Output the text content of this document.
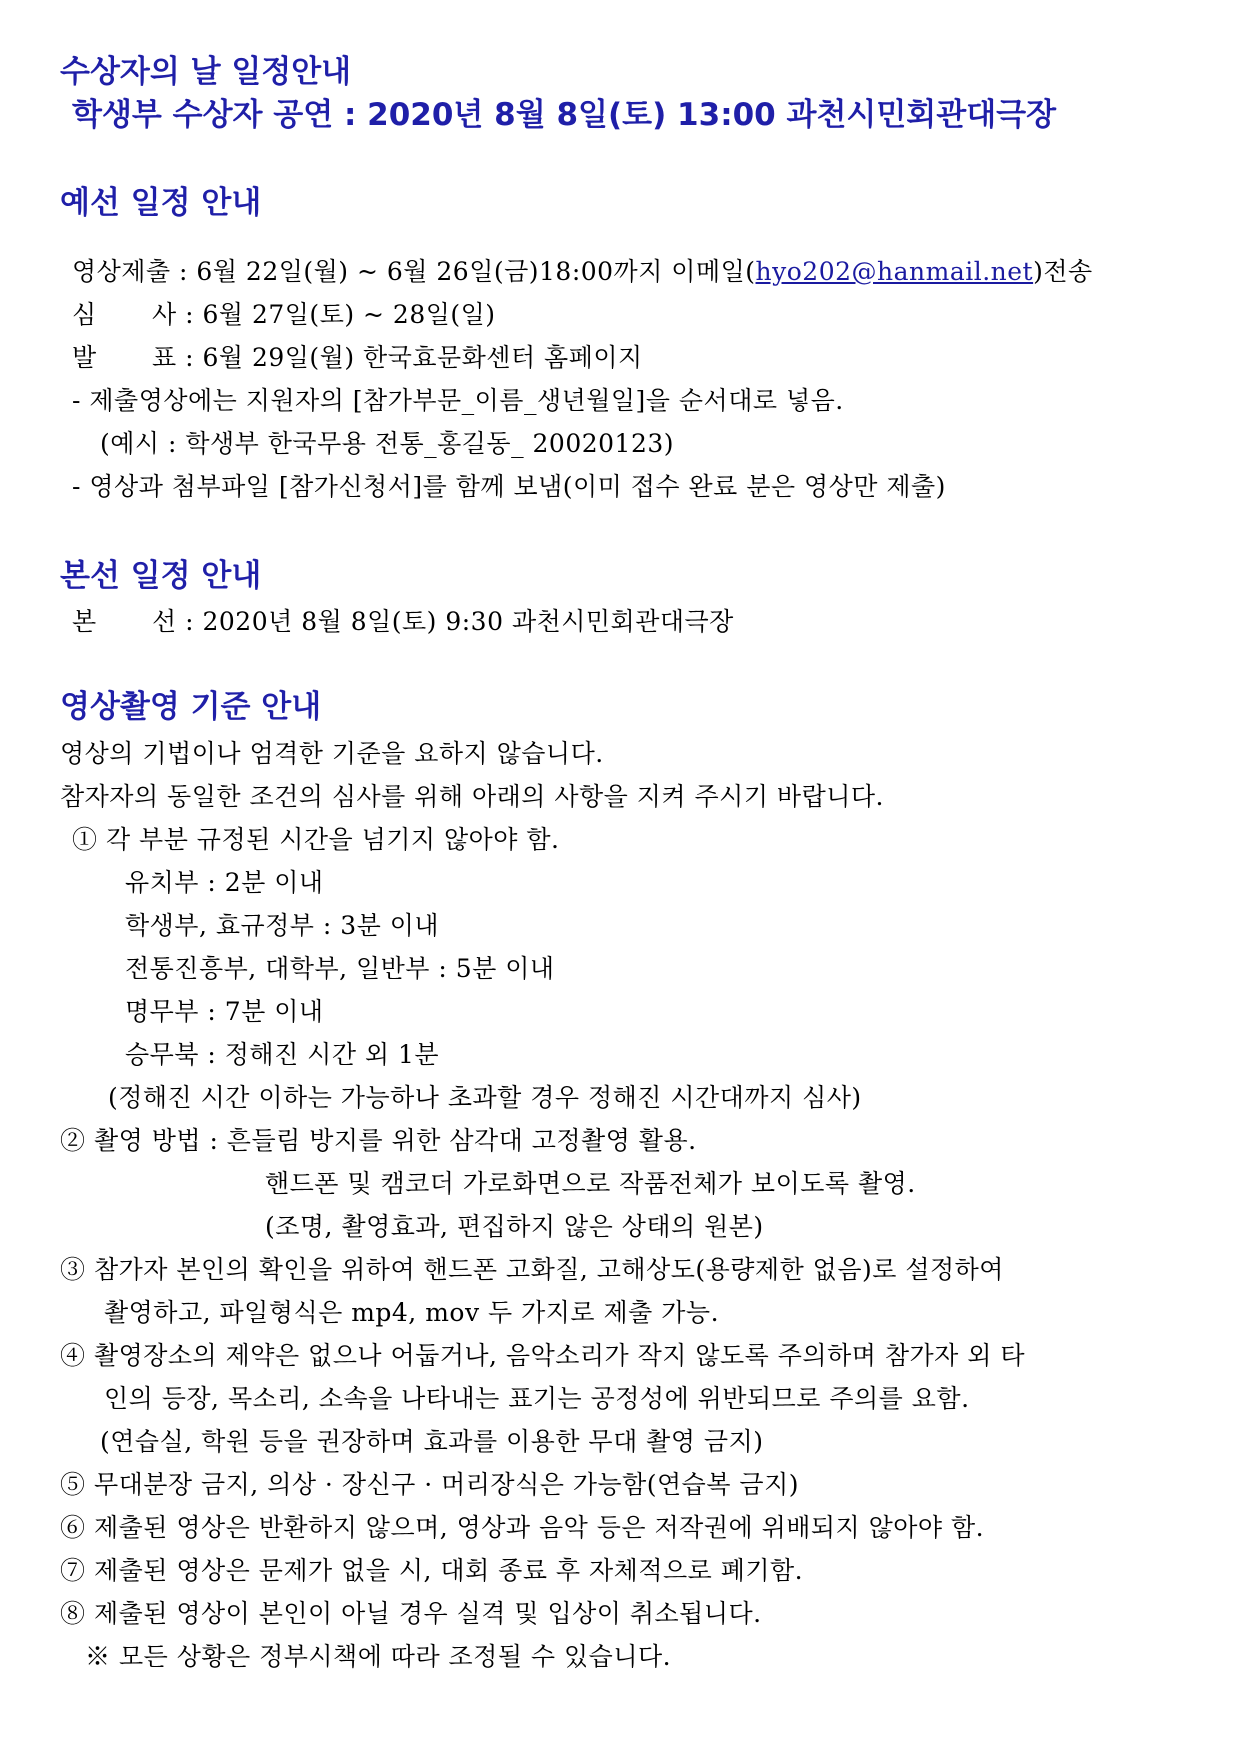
수상자의 날 일정안내
학생부 수상자 공연 : 2020년 8월 8일(토) 13:00 과천시민회관대극장
예선 일정 안내

영상제출 : 6월 22일(월) ~ 6월 26일(금)18:00까지 이메일(hyo202@hanmail.net)전송

심 사 : 6월 27일(토) ~ 28일(일)

발 표 : 6월 29일(월) 한국효문화센터 홈페이지

- 제출영상에는 지원자의 [참가부문_이름_생년월일]을 순서대로 넣음.

(예시 : 학생부 한국무용 전통_홍길동_ 20020123)

- 영상과 첨부파일 [참가신청서]를 함께 보냄(이미 접수 완료 분은 영상만 제출)

본선 일정 안내

본 선 : 2020년 8월 8일(토) 9:30 과천시민회관대극장

영상촬영 기준 안내

영상의 기법이나 엄격한 기준을 요하지 않습니다.

참자자의 동일한 조건의 심사를 위해 아래의 사항을 지켜 주시기 바랍니다.

① 각 부분 규정된 시간을 넘기지 않아야 함.

유치부 : 2분 이내

학생부, 효규정부 : 3분 이내

전통진흥부, 대학부, 일반부 : 5분 이내

명무부 : 7분 이내

승무북 : 정해진 시간 외 1분

(정해진 시간 이하는 가능하나 초과할 경우 정해진 시간대까지 심사)

② 촬영 방법 : 흔들림 방지를 위한 삼각대 고정촬영 활용.

핸드폰 및 캠코더 가로화면으로 작품전체가 보이도록 촬영.

(조명, 촬영효과, 편집하지 않은 상태의 원본)

③ 참가자 본인의 확인을 위하여 핸드폰 고화질, 고해상도(용량제한 없음)로 설정하여

촬영하고, 파일형식은 mp4, mov 두 가지로 제출 가능.

④ 촬영장소의 제약은 없으나 어둡거나, 음악소리가 작지 않도록 주의하며 참가자 외 타

인의 등장, 목소리, 소속을 나타내는 표기는 공정성에 위반되므로 주의를 요함.

(연습실, 학원 등을 권장하며 효과를 이용한 무대 촬영 금지)

⑤ 무대분장 금지, 의상 · 장신구 · 머리장식은 가능함(연습복 금지)

⑥ 제출된 영상은 반환하지 않으며, 영상과 음악 등은 저작권에 위배되지 않아야 함.

⑦ 제출된 영상은 문제가 없을 시, 대회 종료 후 자체적으로 폐기함.

⑧ 제출된 영상이 본인이 아닐 경우 실격 및 입상이 취소됩니다.

※ 모든 상황은 정부시책에 따라 조정될 수 있습니다.
